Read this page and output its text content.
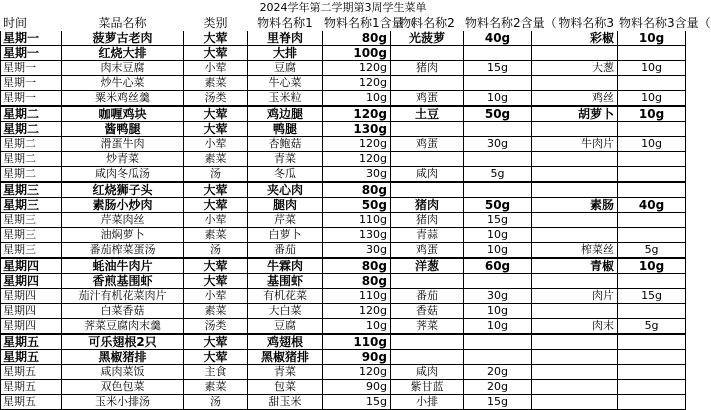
2024学年第二学期第3周学生菜单								
时间	菜品名称	类别	物料名称1	物料名称1含量（	物料名称2	物料名称2含量（	物料名称3	物料名称3含量（
星期一	菠萝古老肉	大荤	里脊肉	80g	光菠萝	40g	彩椒	10g
星期一	红烧大排	大荤	大排	100g				
星期一	肉末豆腐	小荤	豆腐	120g	猪肉	15g	大葱	10g
星期一	炒牛心菜	素菜	牛心菜	120g				
星期一	粟米鸡丝羹	汤类	玉米粒	10g	鸡蛋	10g	鸡丝	10g
星期二	咖喱鸡块	大荤	鸡边腿	120g	土豆	50g	胡萝卜	10g
星期二	酱鸭腿	大荤	鸭腿	130g				
星期二	滑蛋牛肉	小荤	杏鲍菇	120g	鸡蛋	30g	牛肉片	10g
星期二	炒青菜	素菜	青菜	120g				
星期二	咸肉冬瓜汤	汤	冬瓜	30g	咸肉	5g		
星期三	红烧狮子头	大荤	夹心肉	80g				
星期三	素肠小炒肉	大荤	腿肉	50g	猪肉	50g	素肠	40g
星期三	芹菜肉丝	小荤	芹菜	110g	猪肉	15g		
星期三	油焖萝卜	素菜	白萝卜	130g	青蒜	10g		
星期三	番茄榨菜蛋汤	汤	番茄	30g	鸡蛋	10g	榨菜丝	5g
星期四	蚝油牛肉片	大荤	牛霖肉	80g	洋葱	60g	青椒	10g
星期四	香煎基围虾	大荤	基围虾	80g				
星期四	茄汁有机花菜肉片	小荤	有机花菜	110g	番茄	30g	肉片	15g
星期四	白菜香菇	素菜	大白菜	120g	香菇	10g		
星期四	荠菜豆腐肉末羹	汤类	豆腐	10g	荠菜	10g	肉末	5g
星期五	可乐翅根2只	大荤	鸡翅根	110g				
星期五	黑椒猪排	大荤	黑椒猪排	90g				
星期五	咸肉菜饭	主食	青菜	120g	咸肉	20g		
星期五	双色包菜	素菜	包菜	90g	紫甘蓝	20g		
星期五	玉米小排汤	汤	甜玉米	15g	小排	15g		
